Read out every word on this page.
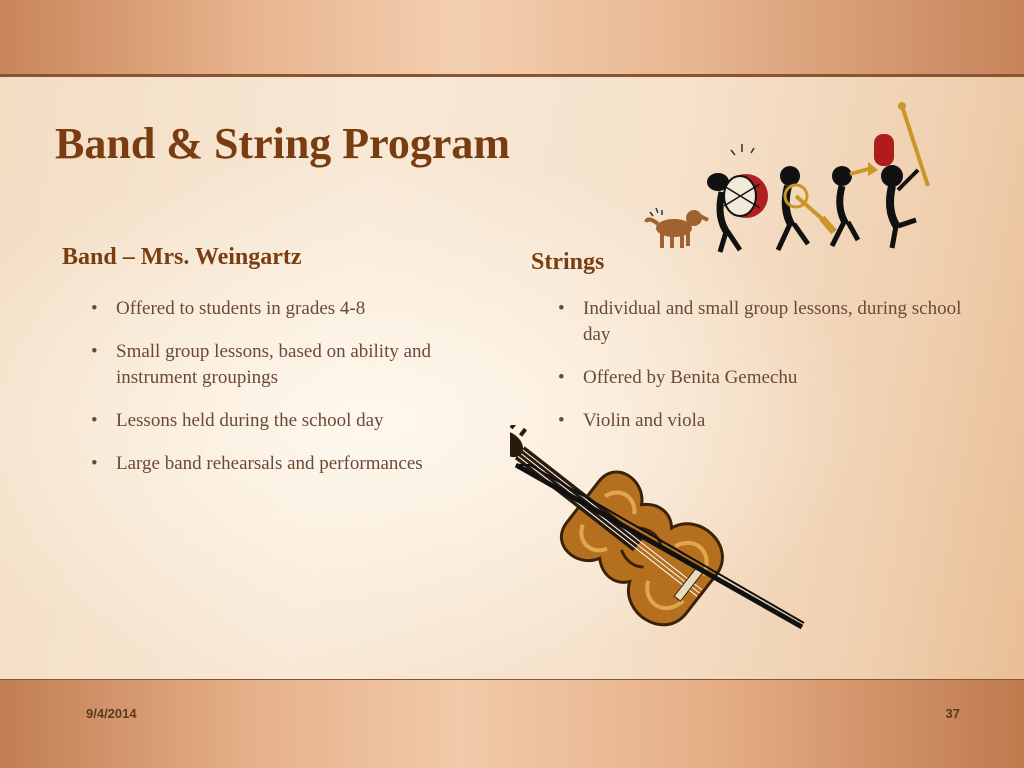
Band & String Program
Band – Mrs. Weingartz
• Offered to students in grades 4-8
• Small group lessons, based on ability and instrument groupings
• Lessons held during the school day
• Large band rehearsals and performances
Strings
• Individual and small group lessons, during school day
• Offered by Benita Gemechu
• Violin and viola
9/4/2014	37
